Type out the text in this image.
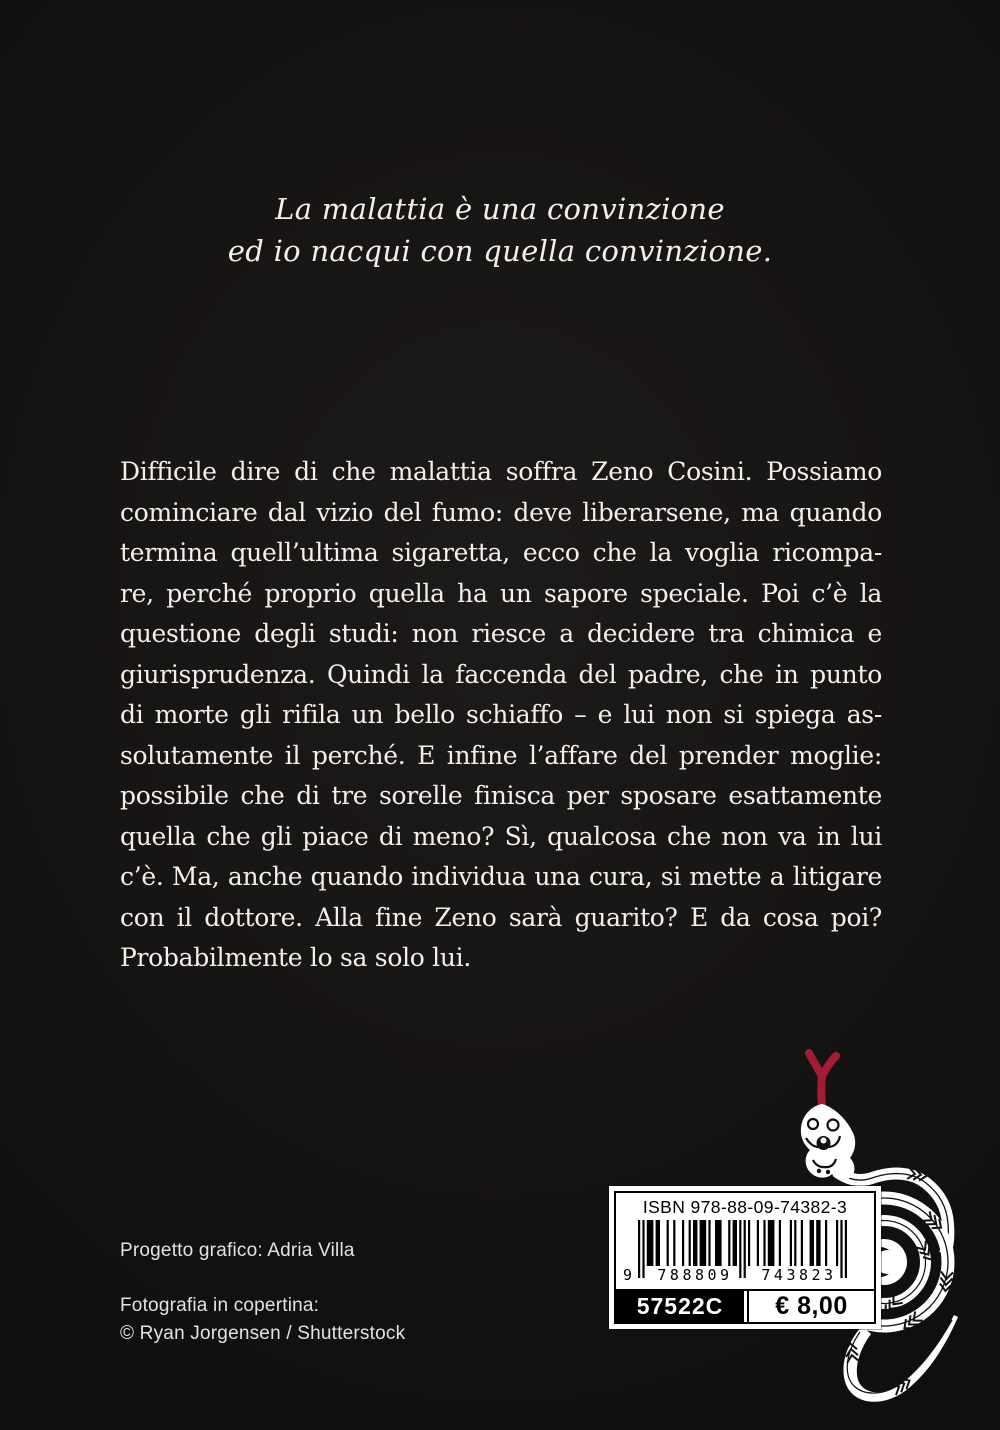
La malattia è una convinzione
ed io nacqui con quella convinzione.
Difficile dire di che malattia soffra Zeno Cosini. Possiamo
cominciare dal vizio del fumo: deve liberarsene, ma quando
termina quell’ultima sigaretta, ecco che la voglia ricompa-
re, perché proprio quella ha un sapore speciale. Poi c’è la
questione degli studi: non riesce a decidere tra chimica e
giurisprudenza. Quindi la faccenda del padre, che in punto
di morte gli rifila un bello schiaffo – e lui non si spiega as-
solutamente il perché. E infine l’affare del prender moglie:
possibile che di tre sorelle finisca per sposare esattamente
quella che gli piace di meno? Sì, qualcosa che non va in lui
c’è. Ma, anche quando individua una cura, si mette a litigare
con il dottore. Alla fine Zeno sarà guarito? E da cosa poi?
Probabilmente lo sa solo lui.
ISBN 978-88-09-74382-3
9	788809	743823
57522C	€ 8,00
Progetto grafico: Adria Villa
Fotografia in copertina:
© Ryan Jorgensen / Shutterstock
